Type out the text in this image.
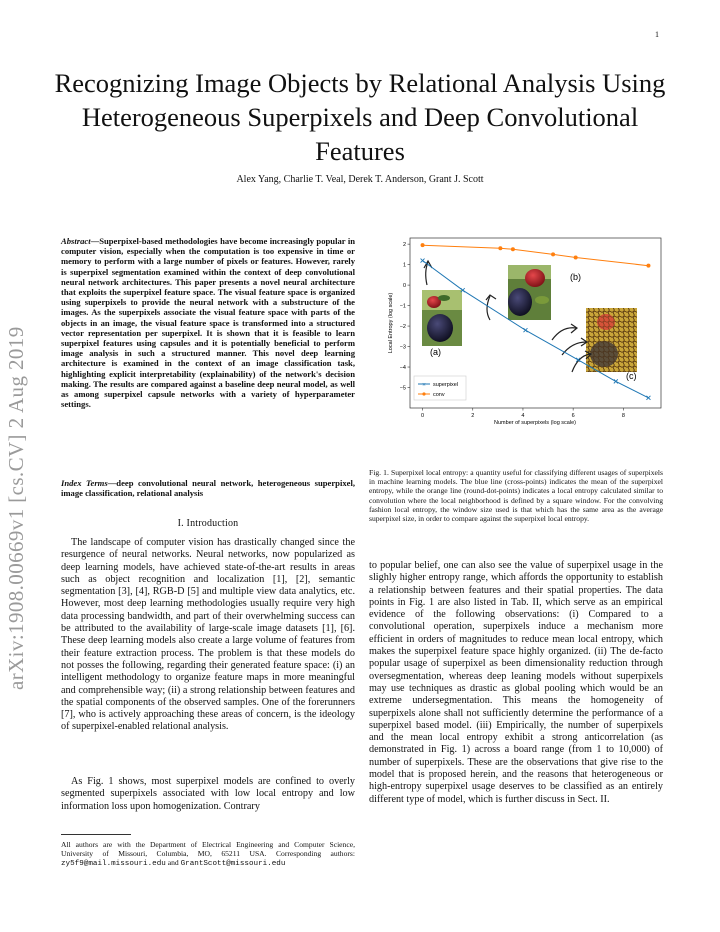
1
arXiv:1908.00669v1 [cs.CV] 2 Aug 2019
Recognizing Image Objects by Relational Analysis Using Heterogeneous Superpixels and Deep Convolutional Features
Alex Yang, Charlie T. Veal, Derek T. Anderson, Grant J. Scott
Abstract—Superpixel-based methodologies have become increasingly popular in computer vision, especially when the computation is too expensive in time or memory to perform with a large number of pixels or features. However, rarely is superpixel segmentation examined within the context of deep convolutional neural network architectures. This paper presents a novel neural architecture that exploits the superpixel feature space. The visual feature space is organized using superpixels to provide the neural network with a substructure of the images. As the superpixels associate the visual feature space with parts of the objects in an image, the visual feature space is transformed into a structured vector representation per superpixel. It is shown that it is feasible to learn superpixel features using capsules and it is potentially beneficial to perform image analysis in such a structured manner. This novel deep learning architecture is examined in the context of an image classification task, highlighting explicit interpretability (explainability) of the network's decision making. The results are compared against a baseline deep neural model, as well as among superpixel capsule networks with a variety of hyperparameter settings.
Index Terms—deep convolutional neural network, heterogeneous superpixel, image classification, relational analysis
I. Introduction
The landscape of computer vision has drastically changed since the resurgence of neural networks. Neural networks, now popularized as deep learning models, have achieved state-of-the-art results in areas such as object recognition and localization [1], [2], semantic segmentation [3], [4], RGB-D [5] and multiple view data analytics, etc. However, most deep learning methodologies usually require very high data processing bandwidth, and part of their overwhelming success can be attributed to the availability of large-scale image datasets [1], [6]. These deep learning models also create a large volume of features from their feature extraction process. The problem is that these models do not posses the following, regarding their generated feature space: (i) an intelligent methodology to organize feature maps in more meaningful and comprehensible way; (ii) a strong relationship between features and the spatial components of the observed samples. One of the forerunners [7], who is actively approaching these areas of concern, is the ideology of superpixel-enabled relational analysis.
As Fig. 1 shows, most superpixel models are confined to overly segmented superpixels associated with low local entropy and low information loss upon homogenization. Contrary
All authors are with the Department of Electrical Engineering and Computer Science, University of Missouri, Columbia, MO, 65211 USA. Corresponding authors: zy5f9@mail.missouri.edu and GrantScott@missouri.edu
2
1
0
−1
−2
−3
−4
−5
0	2	4	6	8
(a)
(b)
(c)
× superpixel
conv
Number of superpixels (log scale)
Local Entropy (log scale)
Fig. 1. Superpixel local entropy: a quantity useful for classifying different usages of superpixels in machine learning models. The blue line (cross-points) indicates the mean of the superpixel entropy, while the orange line (round-dot-points) indicates a local entropy calculated similar to convolution where the local neighborhood is defined by a square window. For the convolving fashion local entropy, the window size used is that which has the same area as the average superpixel size, in order to compare against the superpixel local entropy.
to popular belief, one can also see the value of superpixel usage in the slighly higher entropy range, which affords the opportunity to establish a relationship between features and their spatial properties. The data points in Fig. 1 are also listed in Tab. II, which serve as an empirical evidence of the following observations: (i) Compared to a convolutional operation, superpixels induce a mechanism more efficient in orders of magnitudes to reduce mean local entropy, which makes the superpixel feature space highly organized. (ii) The de-facto popular usage of superpixel as been dimensionality reduction through oversegmentation, whereas deep leaning models without superpixels may use techniques as drastic as global pooling which would be an extreme undersegmentation. This means the homogeneity of superpixels alone shall not sufficiently determine the performance of a superpixel based model. (iii) Empirically, the number of superpixels and the mean local entropy exhibit a strong anticorrelation (as demonstrated in Fig. 1) across a board range (from 1 to 10,000) of number of superpixels. These are the observations that give rise to the model that is proposed herein, and the reasons that heterogeneous or high-entropy superpixel usage deserves to be classified as an entirely different type of model, which is further discuss in Sect. II.
